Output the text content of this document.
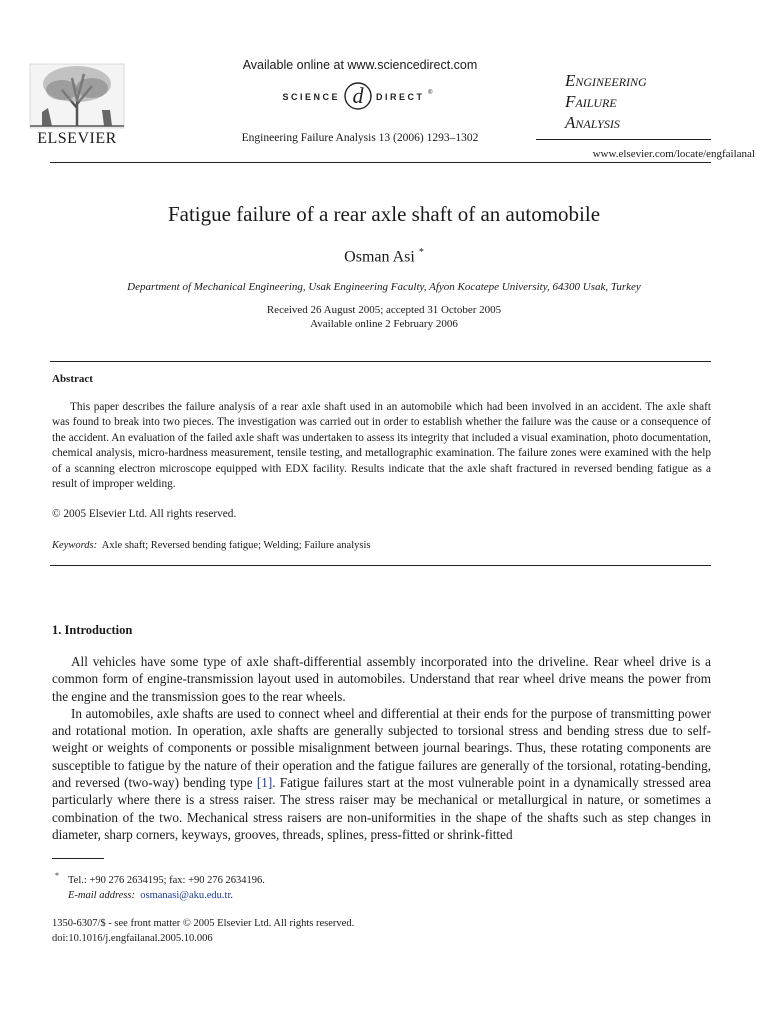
ELSEVIER
Available online at www.sciencedirect.com
SCIENCE d DIRECT ®
Engineering Failure Analysis 13 (2006) 1293–1302
Engineering
Failure
Analysis
www.elsevier.com/locate/engfailanal
Fatigue failure of a rear axle shaft of an automobile
Osman Asi *
Department of Mechanical Engineering, Usak Engineering Faculty, Afyon Kocatepe University, 64300 Usak, Turkey
Received 26 August 2005; accepted 31 October 2005
Available online 2 February 2006
Abstract
This paper describes the failure analysis of a rear axle shaft used in an automobile which had been involved in an accident. The axle shaft was found to break into two pieces. The investigation was carried out in order to establish whether the failure was the cause or a consequence of the accident. An evaluation of the failed axle shaft was undertaken to assess its integrity that included a visual examination, photo documentation, chemical analysis, micro-hardness measurement, tensile testing, and metallographic examination. The failure zones were examined with the help of a scanning electron microscope equipped with EDX facility. Results indicate that the axle shaft fractured in reversed bending fatigue as a result of improper welding.
© 2005 Elsevier Ltd. All rights reserved.
Keywords: Axle shaft; Reversed bending fatigue; Welding; Failure analysis
1. Introduction

All vehicles have some type of axle shaft-differential assembly incorporated into the driveline. Rear wheel drive is a common form of engine-transmission layout used in automobiles. Understand that rear wheel drive means the power from the engine and the transmission goes to the rear wheels.

In automobiles, axle shafts are used to connect wheel and differential at their ends for the purpose of transmitting power and rotational motion. In operation, axle shafts are generally subjected to torsional stress and bending stress due to self-weight or weights of components or possible misalignment between journal bearings. Thus, these rotating components are susceptible to fatigue by the nature of their operation and the fatigue failures are generally of the torsional, rotating-bending, and reversed (two-way) bending type [1]. Fatigue failures start at the most vulnerable point in a dynamically stressed area particularly where there is a stress raiser. The stress raiser may be mechanical or metallurgical in nature, or sometimes a combination of the two. Mechanical stress raisers are non-uniformities in the shape of the shafts such as step changes in diameter, sharp corners, keyways, grooves, threads, splines, press-fitted or shrink-fitted

* Tel.: +90 276 2634195; fax: +90 276 2634196.
E-mail address: osmanasi@aku.edu.tr.
1350-6307/$ - see front matter © 2005 Elsevier Ltd. All rights reserved.
doi:10.1016/j.engfailanal.2005.10.006
